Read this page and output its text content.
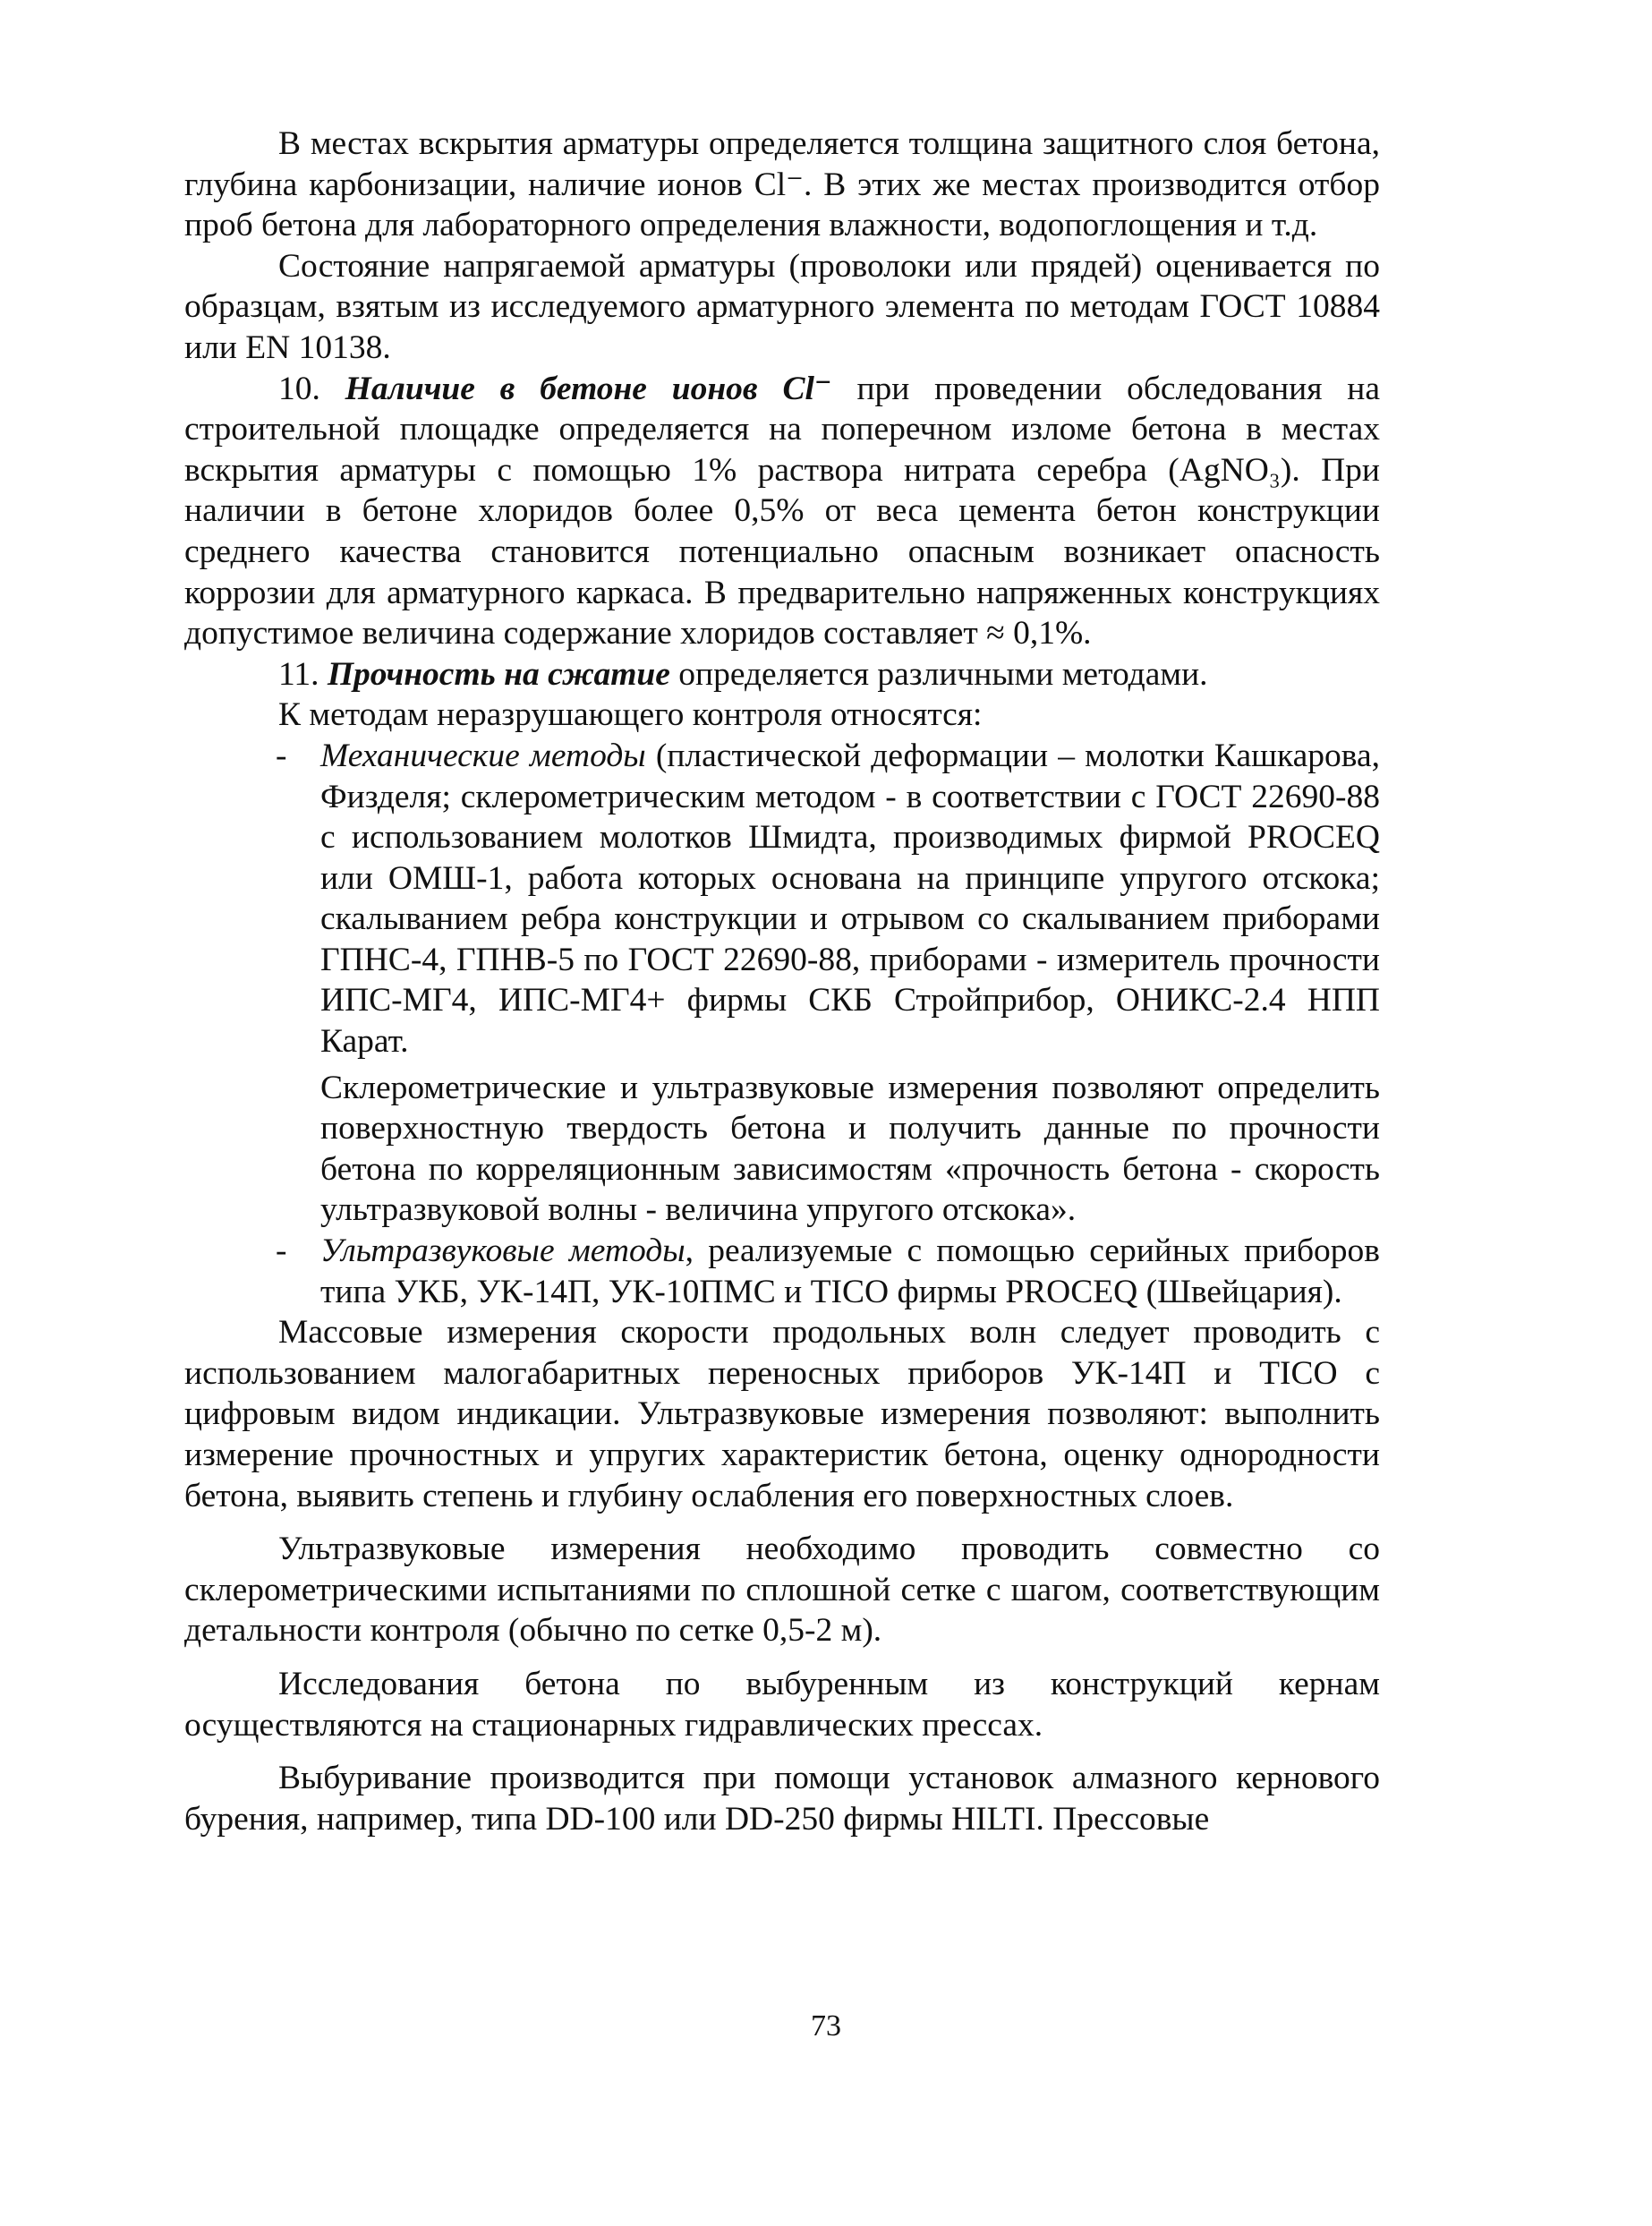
В местах вскрытия арматуры определяется толщина защитного слоя бетона, глубина карбонизации, наличие ионов Cl⁻. В этих же местах производится отбор проб бетона для лабораторного определения влажности, водопоглощения и т.д.

Состояние напрягаемой арматуры (проволоки или прядей) оценивается по образцам, взятым из исследуемого арматурного элемента по методам ГОСТ 10884 или EN 10138.

10. Наличие в бетоне ионов Cl⁻ при проведении обследования на строительной площадке определяется на поперечном изломе бетона в местах вскрытия арматуры с помощью 1% раствора нитрата серебра (AgNO₃). При наличии в бетоне хлоридов более 0,5% от веса цемента бетон конструкции среднего качества становится потенциально опасным возникает опасность коррозии для арматурного каркаса. В предварительно напряженных конструкциях допустимое величина содержание хлоридов составляет ≈ 0,1%.

11. Прочность на сжатие определяется различными методами.

К методам неразрушающего контроля относятся:

- Механические методы (пластической деформации – молотки Кашкарова, Физделя; склерометрическим методом - в соответствии с ГОСТ 22690-88 с использованием молотков Шмидта, производимых фирмой PROCEQ или ОМШ-1, работа которых основана на принципе упругого отскока; скалыванием ребра конструкции и отрывом со скалыванием приборами ГПНС-4, ГПНВ-5 по ГОСТ 22690-88, приборами - измеритель прочности ИПС-МГ4, ИПС-МГ4+ фирмы СКБ Стройприбор, ОНИКС-2.4 НПП Карат.

Склерометрические и ультразвуковые измерения позволяют определить поверхностную твердость бетона и получить данные по прочности бетона по корреляционным зависимостям «прочность бетона - скорость ультразвуковой волны - величина упругого отскока».

- Ультразвуковые методы, реализуемые с помощью серийных приборов типа УКБ, УК-14П, УК-10ПМС и TICO фирмы PROCEQ (Швейцария).

Массовые измерения скорости продольных волн следует проводить с использованием малогабаритных переносных приборов УК-14П и TICO с цифровым видом индикации. Ультразвуковые измерения позволяют: выполнить измерение прочностных и упругих характеристик бетона, оценку однородности бетона, выявить степень и глубину ослабления его поверхностных слоев.

Ультразвуковые измерения необходимо проводить совместно со склерометрическими испытаниями по сплошной сетке с шагом, соответствующим детальности контроля (обычно по сетке 0,5-2 м).

Исследования бетона по выбуренным из конструкций кернам осуществляются на стационарных гидравлических прессах.

Выбуривание производится при помощи установок алмазного кернового бурения, например, типа DD-100 или DD-250 фирмы HILTI. Прессовые

73
